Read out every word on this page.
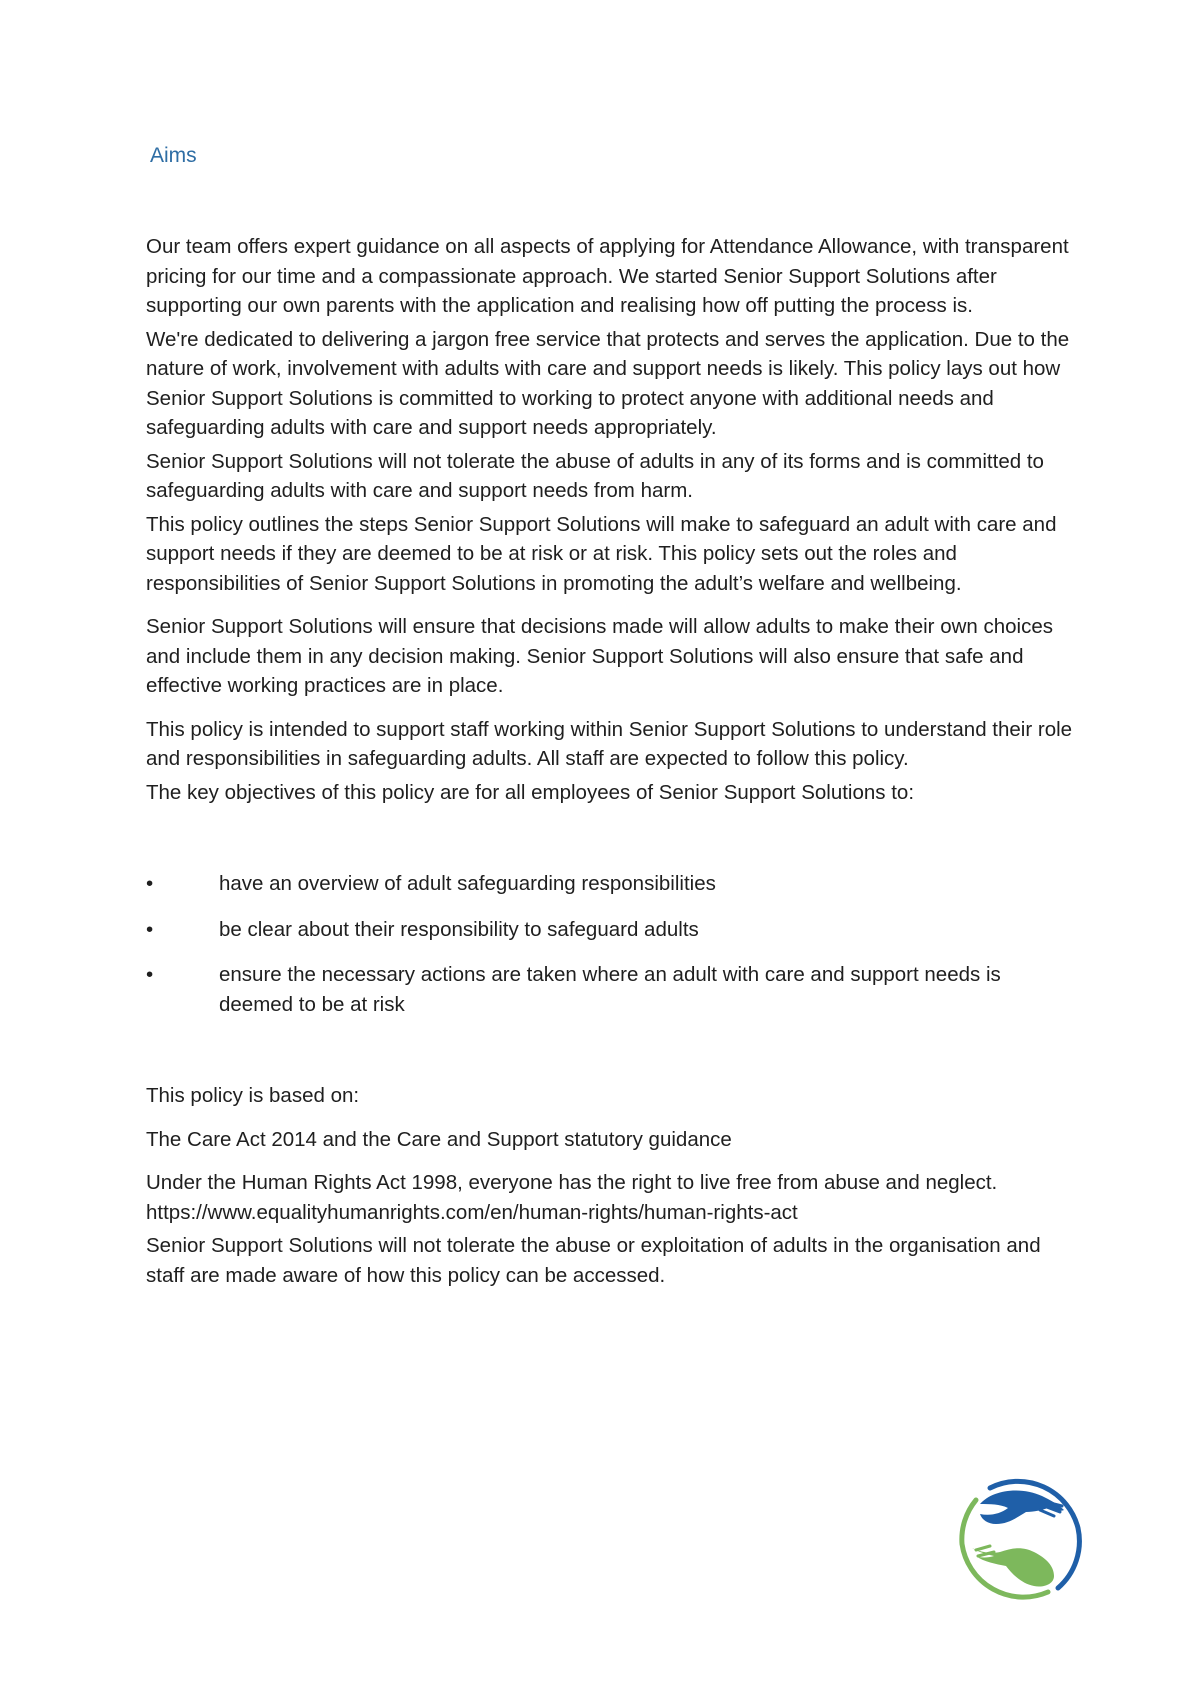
Aims

Our team offers expert guidance on all aspects of applying for Attendance Allowance, with transparent pricing for our time and a compassionate approach. We started Senior Support Solutions after supporting our own parents with the application and realising how off putting the process is.

We're dedicated to delivering a jargon free service that protects and serves the application. Due to the nature of work, involvement with adults with care and support needs is likely. This policy lays out how Senior Support Solutions is committed to working to protect anyone with additional needs and safeguarding adults with care and support needs appropriately.

Senior Support Solutions will not tolerate the abuse of adults in any of its forms and is committed to safeguarding adults with care and support needs from harm.

This policy outlines the steps Senior Support Solutions will make to safeguard an adult with care and support needs if they are deemed to be at risk or at risk. This policy sets out the roles and responsibilities of Senior Support Solutions in promoting the adult’s welfare and wellbeing.

Senior Support Solutions will ensure that decisions made will allow adults to make their own choices and include them in any decision making. Senior Support Solutions will also ensure that safe and effective working practices are in place.

This policy is intended to support staff working within Senior Support Solutions to understand their role and responsibilities in safeguarding adults. All staff are expected to follow this policy.

The key objectives of this policy are for all employees of Senior Support Solutions to:

•	have an overview of adult safeguarding responsibilities
•	be clear about their responsibility to safeguard adults
•	ensure the necessary actions are taken where an adult with care and support needs is deemed to be at risk

This policy is based on:

The Care Act 2014 and the Care and Support statutory guidance

Under the Human Rights Act 1998, everyone has the right to live free from abuse and neglect.

https://www.equalityhumanrights.com/en/human-rights/human-rights-act

Senior Support Solutions will not tolerate the abuse or exploitation of adults in the organisation and staff are made aware of how this policy can be accessed.
